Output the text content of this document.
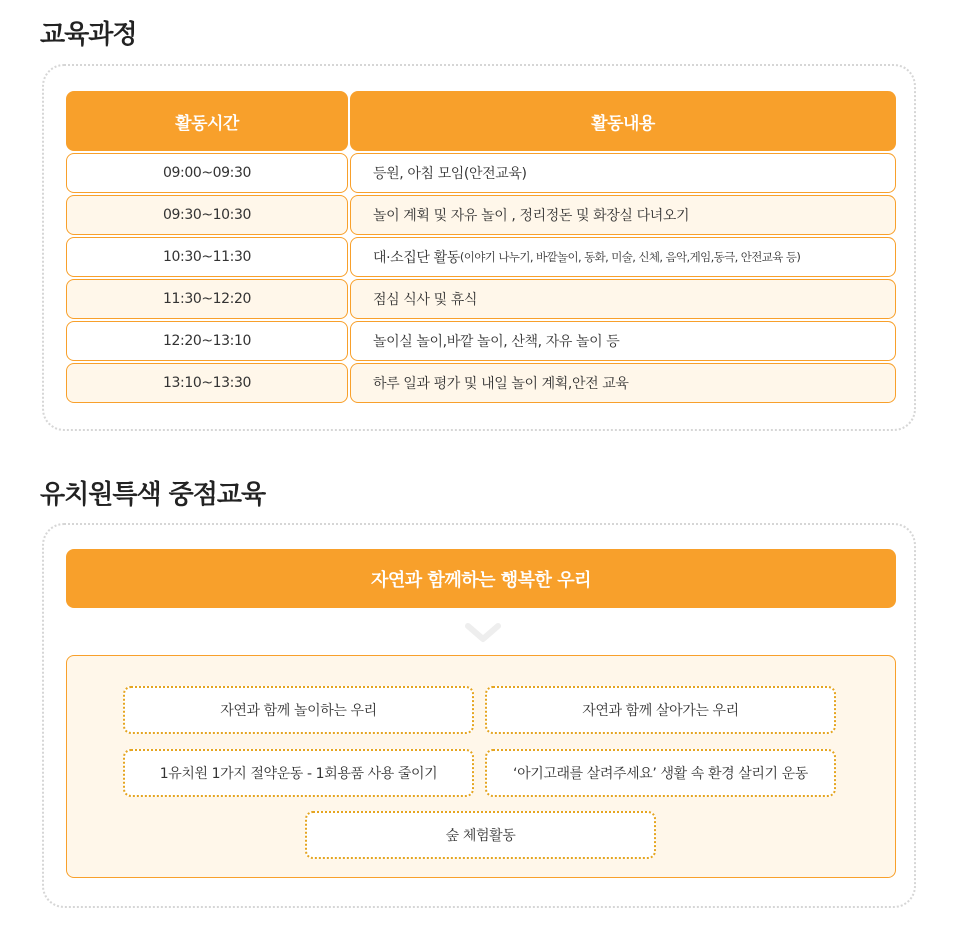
교육과정
활동시간	활동내용
09:00~09:30	등원, 아침 모임(안전교육)
09:30~10:30	놀이 계획 및 자유 놀이 , 정리정돈 및 화장실 다녀오기
10:30~11:30	대·소집단 활동 (이야기 나누기, 바깥놀이, 동화, 미술, 신체, 음악,게임,동극, 안전교육 등)
11:30~12:20	점심 식사 및 휴식
12:20~13:10	놀이실 놀이,바깥 놀이, 산책, 자유 놀이 등
13:10~13:30	하루 일과 평가 및 내일 놀이 계획,안전 교육
유치원특색 중점교육
자연과 함께하는 행복한 우리
자연과 함께 놀이하는 우리	자연과 함께 살아가는 우리
1유치원 1가지 절약운동 - 1회용품 사용 줄이기	‘아기고래를 살려주세요’ 생활 속 환경 살리기 운동
숲 체험활동
